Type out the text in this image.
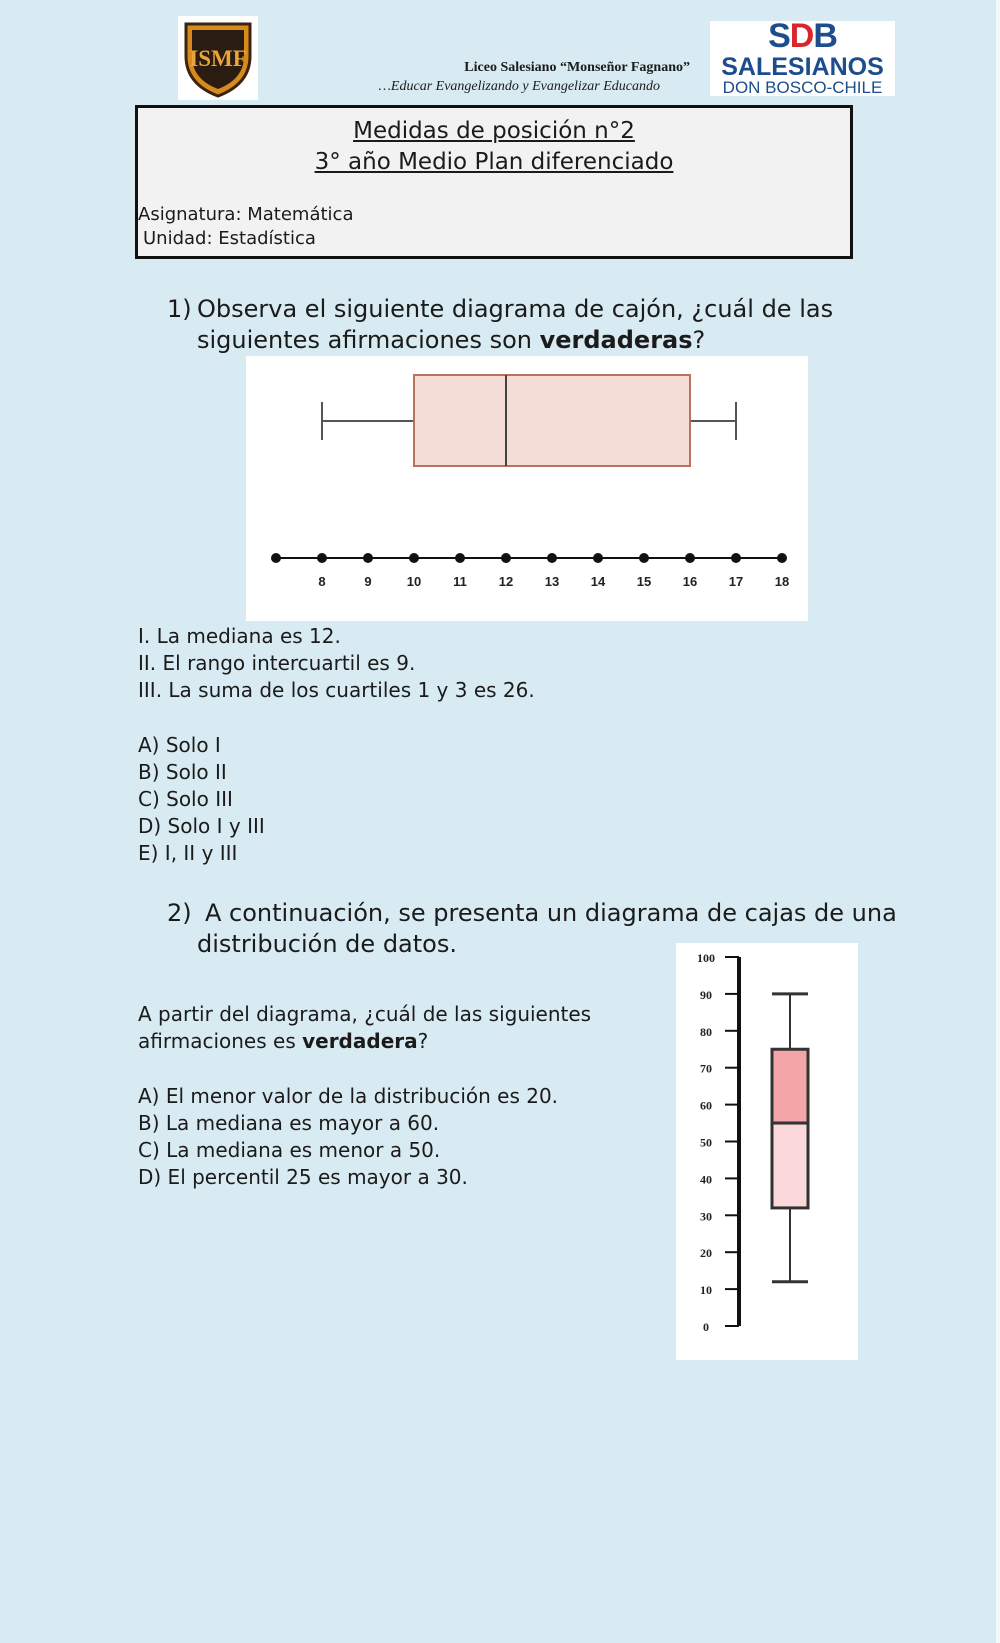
ISMF	Liceo Salesiano “Monseñor Fagnano”
…Educar Evangelizando y Evangelizar Educando
SDB
SALESIANOS
DON BOSCO-CHILE
Medidas de posición n°2
3° año Medio Plan diferenciado
Asignatura: Matemática
Unidad: Estadística
1) Observa el siguiente diagrama de cajón, ¿cuál de las
siguientes afirmaciones son verdaderas?
8	9	10 11 12 13 14 15 16 17 18
I. La mediana es 12.
II. El rango intercuartil es 9.
III. La suma de los cuartiles 1 y 3 es 26.
A) Solo I
B) Solo II
C) Solo III
D) Solo I y III
E) I, II y III
2) A continuación, se presenta un diagrama de cajas de una
distribución de datos.
A partir del diagrama, ¿cuál de las siguientes
afirmaciones es verdadera?
A) El menor valor de la distribución es 20.
B) La mediana es mayor a 60.
C) La mediana es menor a 50.
D) El percentil 25 es mayor a 30.
0
10
20
30
40
50
60
70
80
90
100
